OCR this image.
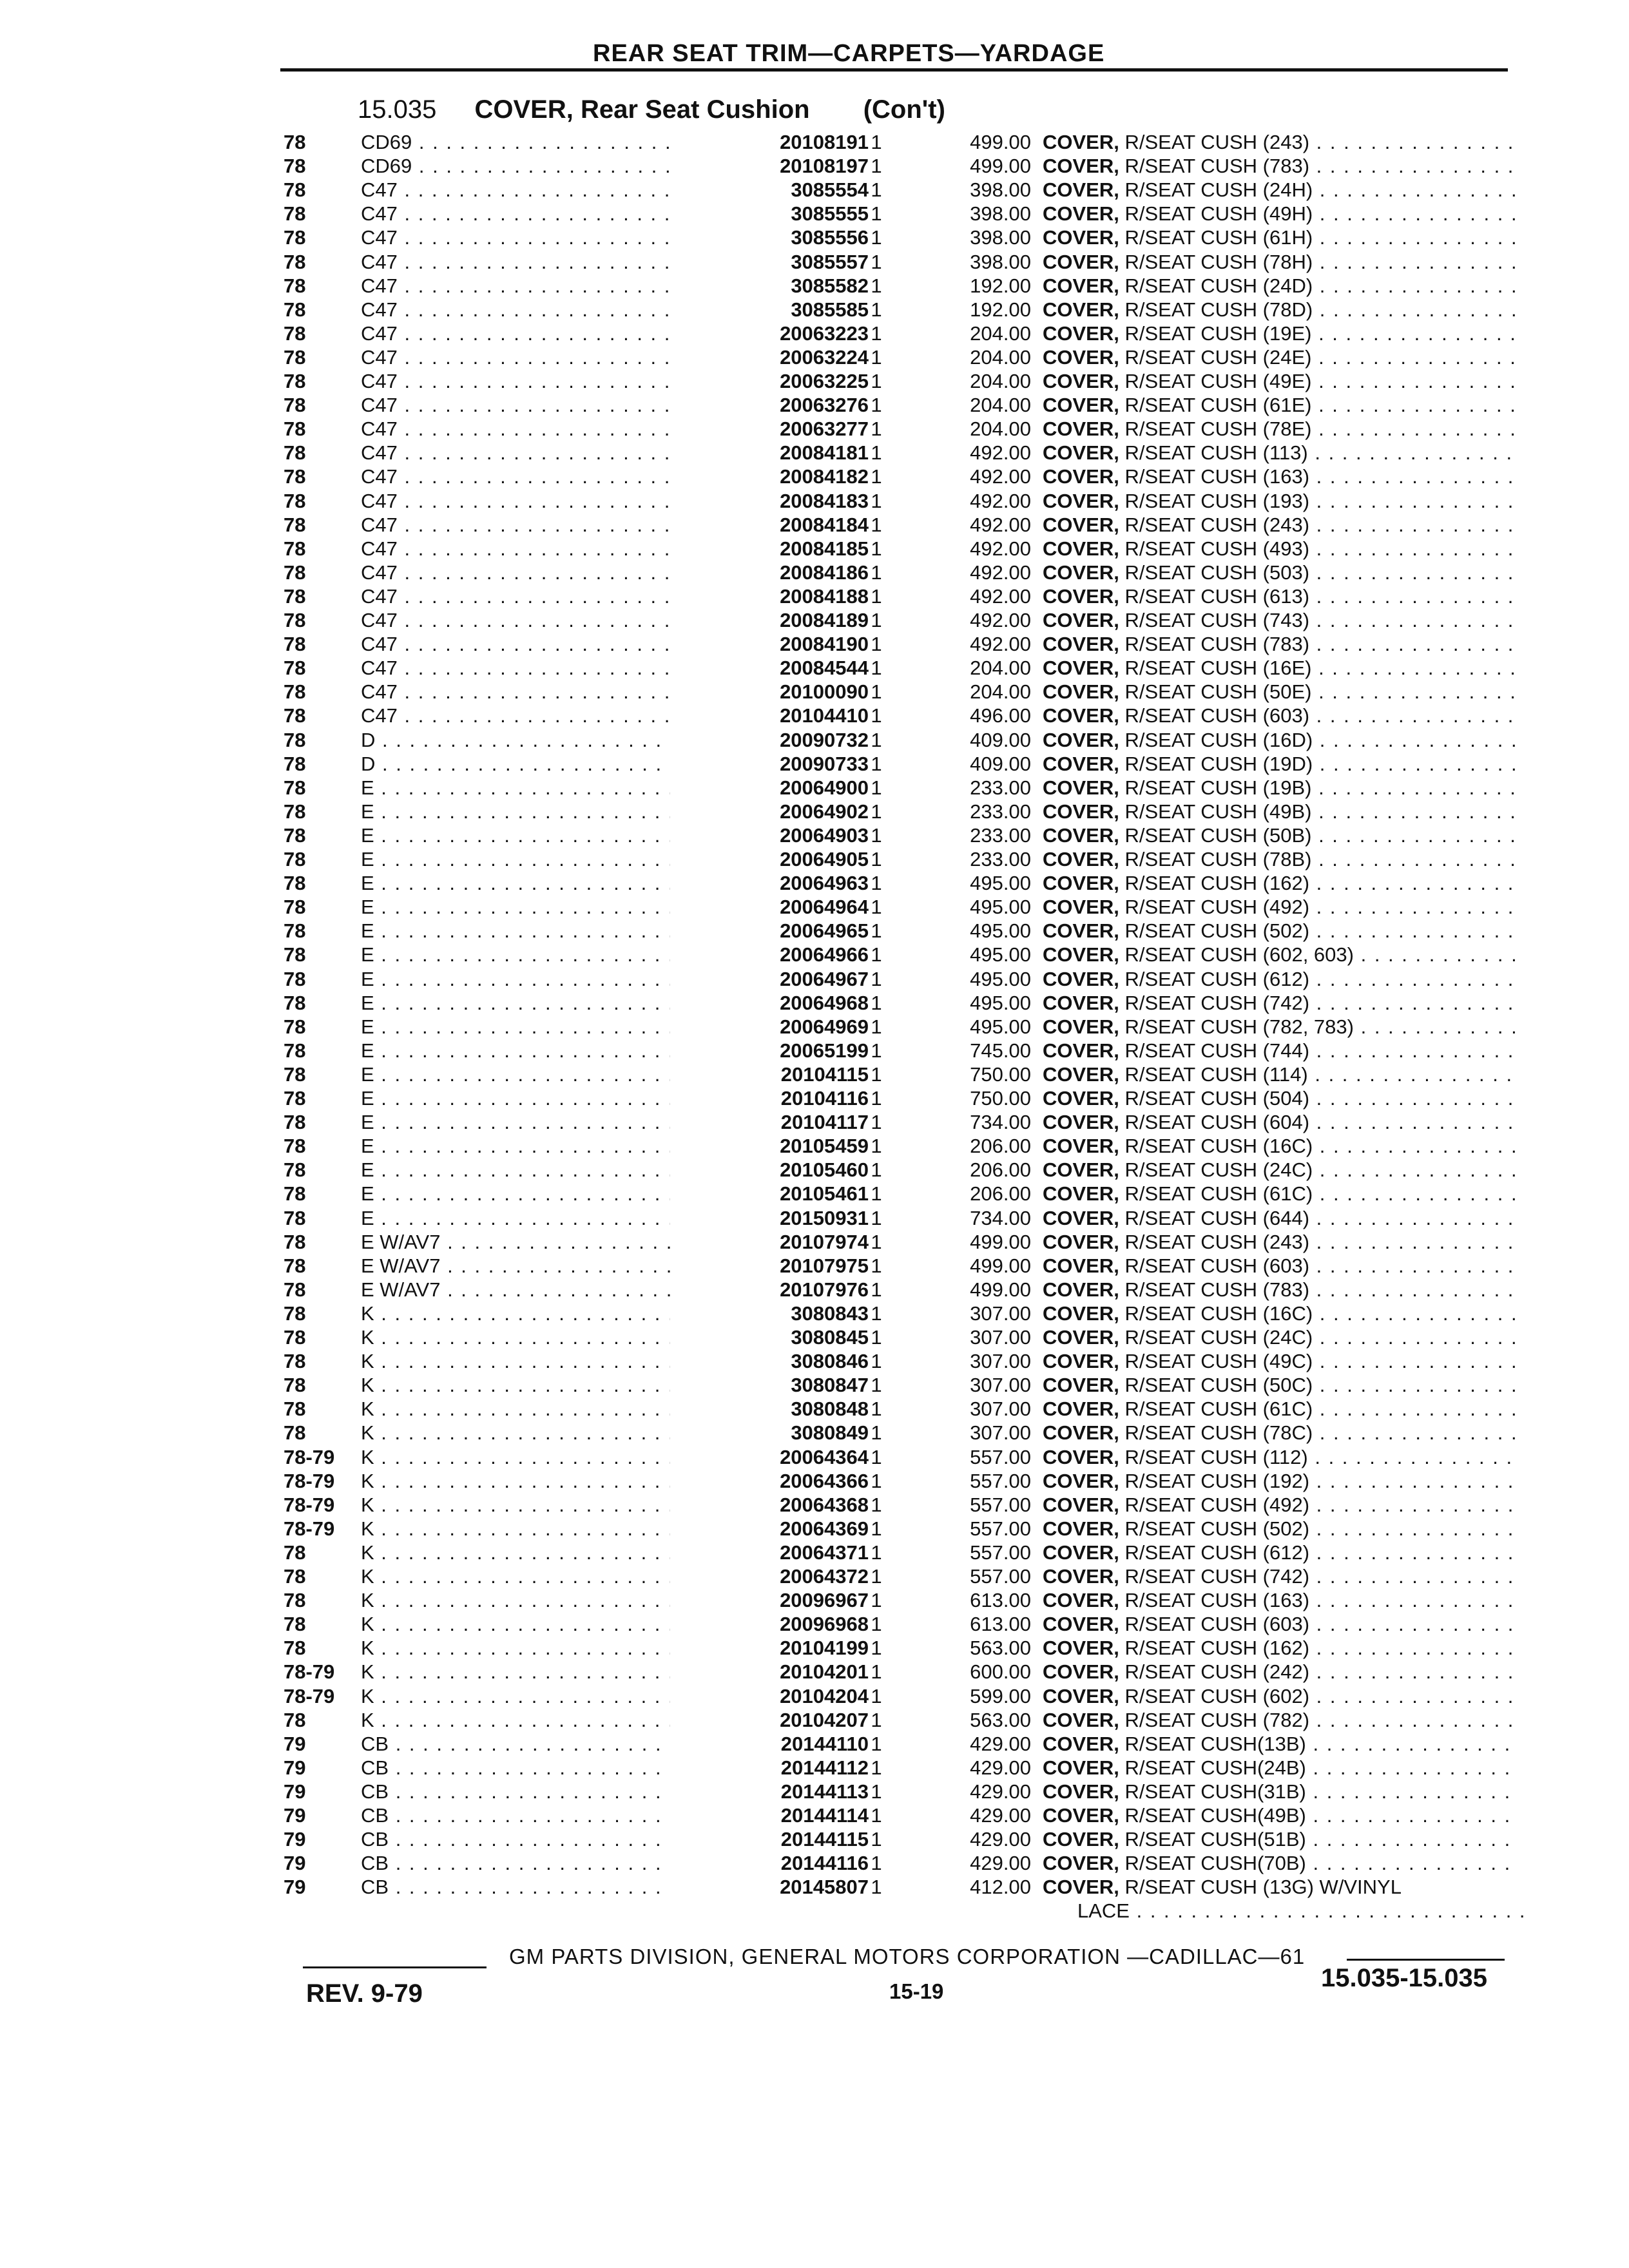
REAR SEAT TRIM—CARPETS—YARDAGE
15.035 COVER, Rear Seat Cushion (Con't)
78	CD69 . . .	20108191 1	499.00 COVER, R/SEAT CUSH (243) . . .
78	CD69 . . .	20108197 1	499.00 COVER, R/SEAT CUSH (783) . . .
78	C47 . . .	3085554 1	398.00 COVER, R/SEAT CUSH (24H) . . .
78	C47 . . .	3085555 1	398.00 COVER, R/SEAT CUSH (49H) . . .
78	C47 . . .	3085556 1	398.00 COVER, R/SEAT CUSH (61H) . . .
78	C47 . . .	3085557 1	398.00 COVER, R/SEAT CUSH (78H) . . .
78	C47 . . .	3085582 1	192.00 COVER, R/SEAT CUSH (24D) . . .
78	C47 . . .	3085585 1	192.00 COVER, R/SEAT CUSH (78D) . . .
78	C47 . . .	20063223 1	204.00 COVER, R/SEAT CUSH (19E) . . .
78	C47 . . .	20063224 1	204.00 COVER, R/SEAT CUSH (24E) . . .
78	C47 . . .	20063225 1	204.00 COVER, R/SEAT CUSH (49E) . . .
78	C47 . . .	20063276 1	204.00 COVER, R/SEAT CUSH (61E) . . .
78	C47 . . .	20063277 1	204.00 COVER, R/SEAT CUSH (78E) . . .
78	C47 . . .	20084181 1	492.00 COVER, R/SEAT CUSH (113) . . .
78	C47 . . .	20084182 1	492.00 COVER, R/SEAT CUSH (163) . . .
78	C47 . . .	20084183 1	492.00 COVER, R/SEAT CUSH (193) . . .
78	C47 . . .	20084184 1	492.00 COVER, R/SEAT CUSH (243) . . .
78	C47 . . .	20084185 1	492.00 COVER, R/SEAT CUSH (493) . . .
78	C47 . . .	20084186 1	492.00 COVER, R/SEAT CUSH (503) . . .
78	C47 . . .	20084188 1	492.00 COVER, R/SEAT CUSH (613) . . .
78	C47 . . .	20084189 1	492.00 COVER, R/SEAT CUSH (743) . . .
78	C47 . . .	20084190 1	492.00 COVER, R/SEAT CUSH (783) . . .
78	C47 . . .	20084544 1	204.00 COVER, R/SEAT CUSH (16E) . . .
78	C47 . . .	20100090 1	204.00 COVER, R/SEAT CUSH (50E) . . .
78	C47 . . .	20104410 1	496.00 COVER, R/SEAT CUSH (603) . . .
78	D . . .	20090732 1	409.00 COVER, R/SEAT CUSH (16D) . . .
78	D . . .	20090733 1	409.00 COVER, R/SEAT CUSH (19D) . . .
78	E . . .	20064900 1	233.00 COVER, R/SEAT CUSH (19B) . . .
78	E . . .	20064902 1	233.00 COVER, R/SEAT CUSH (49B) . . .
78	E . . .	20064903 1	233.00 COVER, R/SEAT CUSH (50B) . . .
78	E . . .	20064905 1	233.00 COVER, R/SEAT CUSH (78B) . . .
78	E . . .	20064963 1	495.00 COVER, R/SEAT CUSH (162) . . .
78	E . . .	20064964 1	495.00 COVER, R/SEAT CUSH (492) . . .
78	E . . .	20064965 1	495.00 COVER, R/SEAT CUSH (502) . . .
78	E . . .	20064966 1	495.00 COVER, R/SEAT CUSH (602, 603) . . .
78	E . . .	20064967 1	495.00 COVER, R/SEAT CUSH (612) . . .
78	E . . .	20064968 1	495.00 COVER, R/SEAT CUSH (742) . . .
78	E . . .	20064969 1	495.00 COVER, R/SEAT CUSH (782, 783) . . .
78	E . . .	20065199 1	745.00 COVER, R/SEAT CUSH (744) . . .
78	E . . .	20104115 1	750.00 COVER, R/SEAT CUSH (114) . . .
78	E . . .	20104116 1	750.00 COVER, R/SEAT CUSH (504) . . .
78	E . . .	20104117 1	734.00 COVER, R/SEAT CUSH (604) . . .
78	E . . .	20105459 1	206.00 COVER, R/SEAT CUSH (16C) . . .
78	E . . .	20105460 1	206.00 COVER, R/SEAT CUSH (24C) . . .
78	E . . .	20105461 1	206.00 COVER, R/SEAT CUSH (61C) . . .
78	E . . .	20150931 1	734.00 COVER, R/SEAT CUSH (644) . . .
78	E W/AV7 . . .	20107974 1	499.00 COVER, R/SEAT CUSH (243) . . .
78	E W/AV7 . . .	20107975 1	499.00 COVER, R/SEAT CUSH (603) . . .
78	E W/AV7 . . .	20107976 1	499.00 COVER, R/SEAT CUSH (783) . . .
78	K . . .	3080843 1	307.00 COVER, R/SEAT CUSH (16C) . . .
78	K . . .	3080845 1	307.00 COVER, R/SEAT CUSH (24C) . . .
78	K . . .	3080846 1	307.00 COVER, R/SEAT CUSH (49C) . . .
78	K . . .	3080847 1	307.00 COVER, R/SEAT CUSH (50C) . . .
78	K . . .	3080848 1	307.00 COVER, R/SEAT CUSH (61C) . . .
78	K . . .	3080849 1	307.00 COVER, R/SEAT CUSH (78C) . . .
78-79	K . . .	20064364 1	557.00 COVER, R/SEAT CUSH (112) . . .
78-79	K . . .	20064366 1	557.00 COVER, R/SEAT CUSH (192) . . .
78-79	K . . .	20064368 1	557.00 COVER, R/SEAT CUSH (492) . . .
78-79	K . . .	20064369 1	557.00 COVER, R/SEAT CUSH (502) . . .
78	K . . .	20064371 1	557.00 COVER, R/SEAT CUSH (612) . . .
78	K . . .	20064372 1	557.00 COVER, R/SEAT CUSH (742) . . .
78	K . . .	20096967 1	613.00 COVER, R/SEAT CUSH (163) . . .
78	K . . .	20096968 1	613.00 COVER, R/SEAT CUSH (603) . . .
78	K . . .	20104199 1	563.00 COVER, R/SEAT CUSH (162) . . .
78-79	K . . .	20104201 1	600.00 COVER, R/SEAT CUSH (242) . . .
78-79	K . . .	20104204 1	599.00 COVER, R/SEAT CUSH (602) . . .
78	K . . .	20104207 1	563.00 COVER, R/SEAT CUSH (782) . . .
79	CB . . .	20144110 1	429.00 COVER, R/SEAT CUSH(13B) . . .
79	CB . . .	20144112 1	429.00 COVER, R/SEAT CUSH(24B) . . .
79	CB . . .	20144113 1	429.00 COVER, R/SEAT CUSH(31B) . . .
79	CB . . .	20144114 1	429.00 COVER, R/SEAT CUSH(49B) . . .
79	CB . . .	20144115 1	429.00 COVER, R/SEAT CUSH(51B) . . .
79	CB . . .	20144116 1	429.00 COVER, R/SEAT CUSH(70B) . . .
79	CB . . .	20145807 1	412.00 COVER, R/SEAT CUSH (13G) W/VINYL
LACE . . .
GM PARTS DIVISION, GENERAL MOTORS CORPORATION —CADILLAC—61
REV. 9-79	15-19	15.035-15.035
